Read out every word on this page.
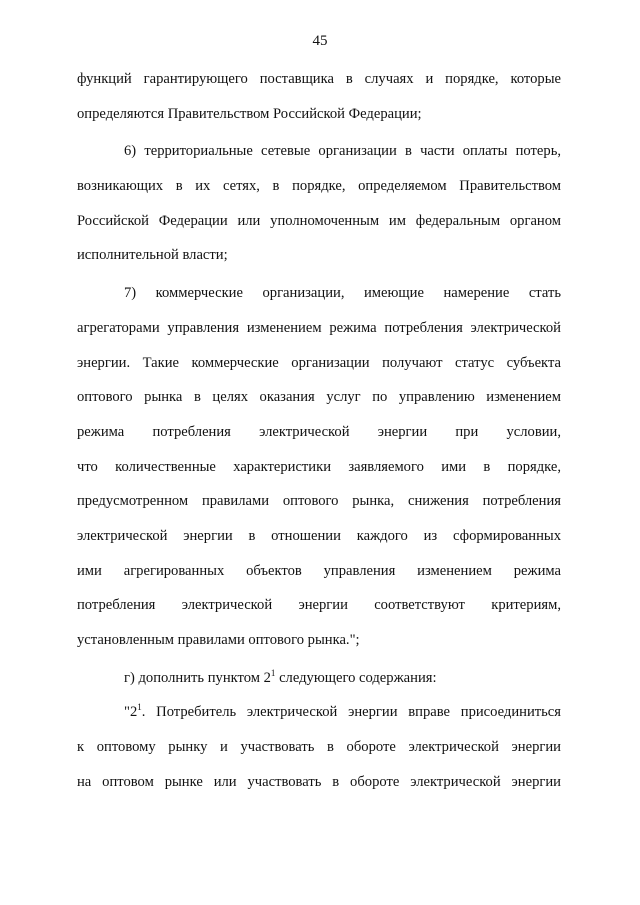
45
функций гарантирующего поставщика в случаях и порядке, которые
определяются Правительством Российской Федерации;
6) территориальные сетевые организации в части оплаты потерь,
возникающих в их сетях, в порядке, определяемом Правительством
Российской Федерации или уполномоченным им федеральным органом
исполнительной власти;
7) коммерческие организации, имеющие намерение стать
агрегаторами управления изменением режима потребления электрической
энергии. Такие коммерческие организации получают статус субъекта
оптового рынка в целях оказания услуг по управлению изменением
режима потребления электрической энергии при условии,
что количественные характеристики заявляемого ими в порядке,
предусмотренном правилами оптового рынка, снижения потребления
электрической энергии в отношении каждого из сформированных
ими агрегированных объектов управления изменением режима
потребления электрической энергии соответствуют критериям,
установленным правилами оптового рынка.";
г) дополнить пунктом $2^1$ следующего содержания:
"$2^1$. Потребитель электрической энергии вправе присоединиться
к оптовому рынку и участвовать в обороте электрической энергии
на оптовом рынке или участвовать в обороте электрической энергии
